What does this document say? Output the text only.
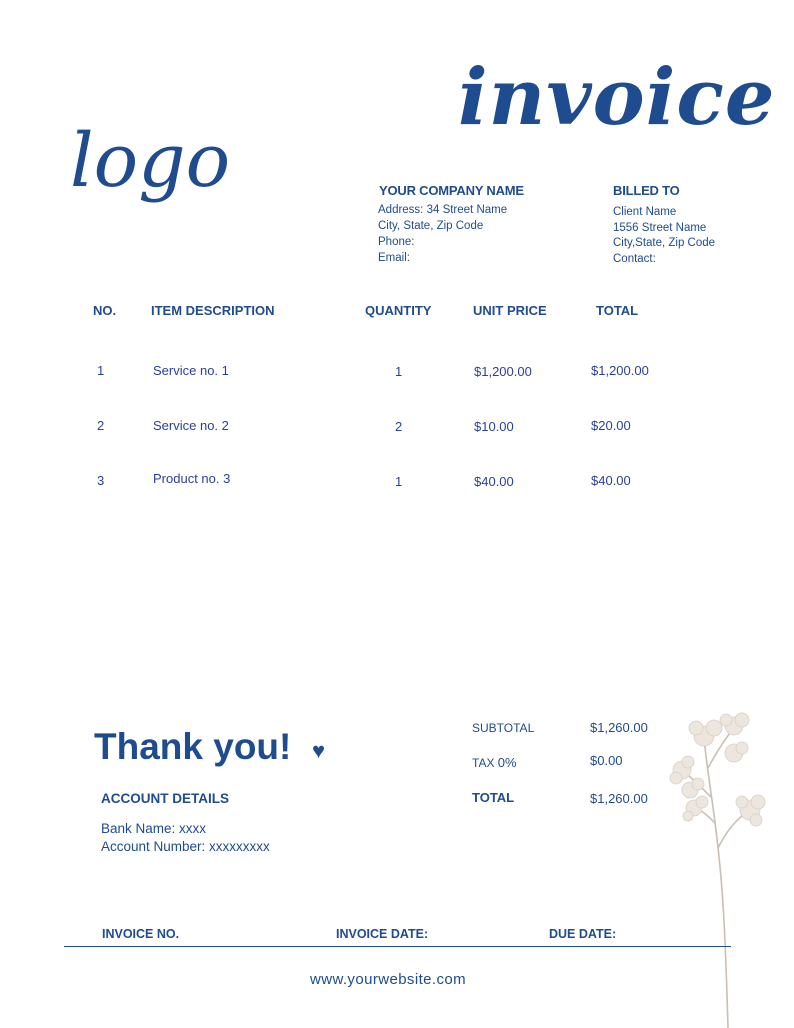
invoice
logo	YOUR COMPANY NAME
Address: 34 Street Name
City, State, Zip Code
Phone:
Email:
BILLED TO
Client Name
1556 Street Name
City,State, Zip Code
Contact:
NO.	ITEM DESCRIPTION	QUANTITY	UNIT PRICE	TOTAL
1	Service no. 1	1	$1,200.00	$1,200.00
2	Service no. 2	2	$10.00	$20.00
3	Product no. 3	1	$40.00	$40.00
Thank you! ♥
ACCOUNT DETAILS
Bank Name: xxxx
Account Number: xxxxxxxxx
SUBTOTAL	$1,260.00
TAX 0%	$0.00
TOTAL	$1,260.00
INVOICE NO.	INVOICE DATE:	DUE DATE:
www.yourwebsite.com
